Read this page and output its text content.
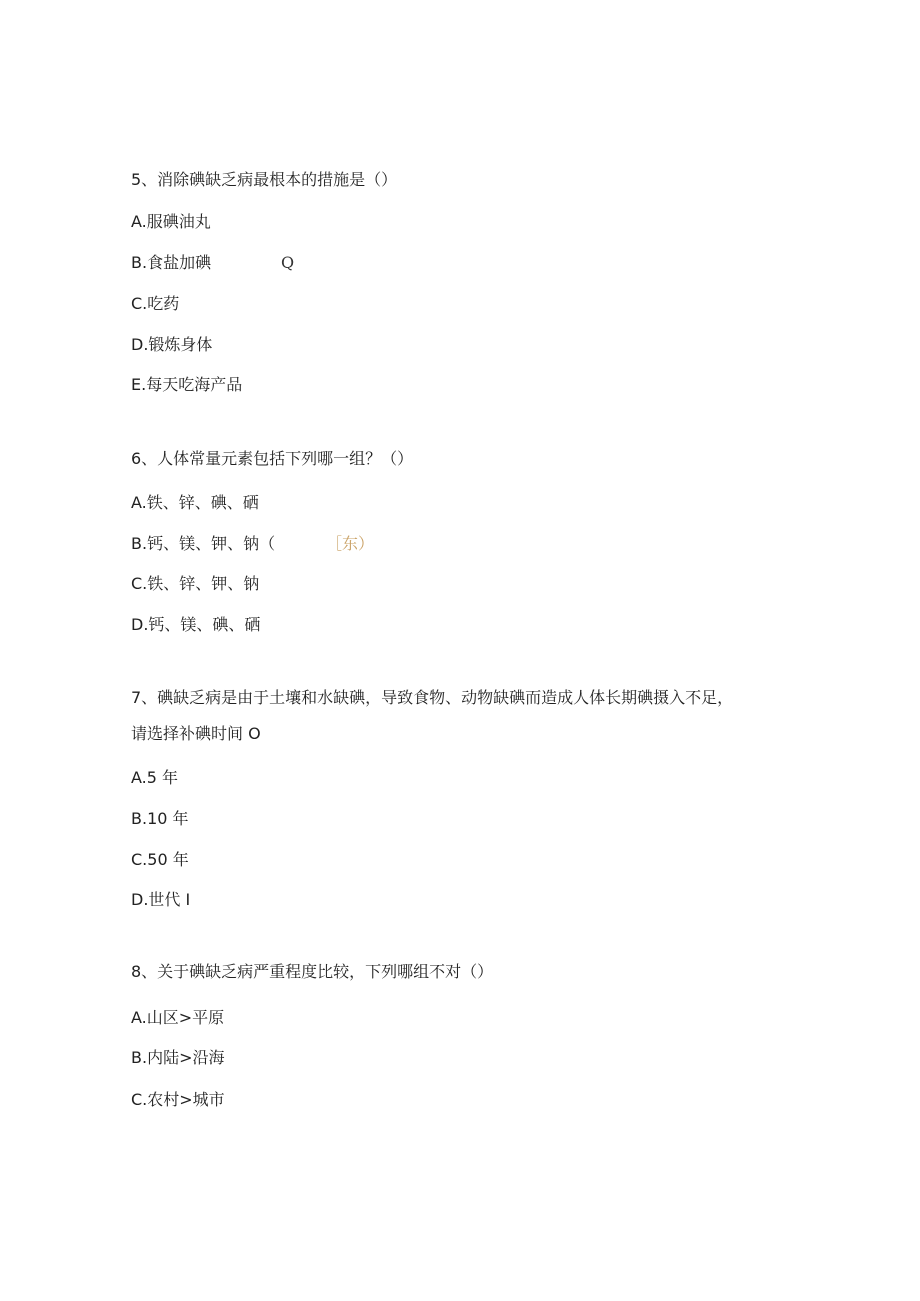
5、消除碘缺乏病最根本的措施是（）
A.服碘油丸
B.食盐加碘	Q
C.吃药
D.锻炼身体
E.每天吃海产品
6、人体常量元素包括下列哪一组？（）
A.铁、锌、碘、硒
B.钙、镁、钾、钠（	［东）
C.铁、锌、钾、钠
D.钙、镁、碘、硒
7、碘缺乏病是由于土壤和水缺碘，导致食物、动物缺碘而造成人体长期碘摄入不足，
请选择补碘时间 O
A.5 年
B.10 年
C.50 年
D.世代 I
8、关于碘缺乏病严重程度比较，下列哪组不对（）
A.山区>平原
B.内陆>沿海
C.农村>城市
